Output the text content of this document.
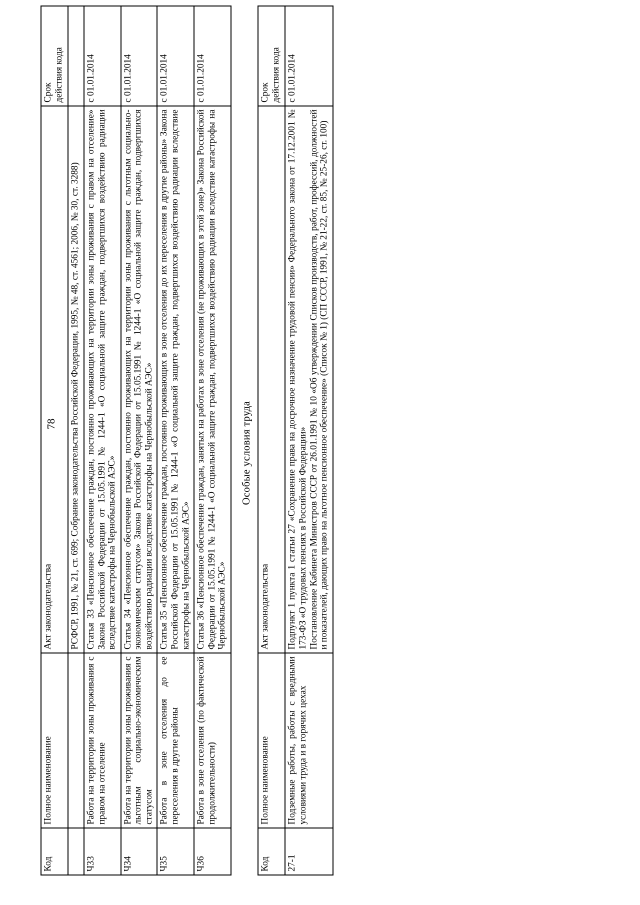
78
Код	Полное наименование	Акт законодательства	Срок действия кода

		РСФСР, 1991, № 21, ст. 699; Собрание законодательства Российской Федерации, 1995, № 48, ст. 4561; 2006, № 30, ст. 3288)	
Ч33	Работа на территории зоны проживания с правом на отселение	Статья 33 «Пенсионное обеспечение граждан, постоянно проживающих на территории зоны проживания с правом на отселение» Закона Российской Федерации от 15.05.1991 № 1244-1 «О социальной защите граждан, подвергшихся воздействию радиации вследствие катастрофы на Чернобыльской АЭС»	с 01.01.2014
Ч34	Работа на территории зоны проживания с льготным социально-экономическим статусом	Статья 34 «Пенсионное обеспечение граждан, постоянно проживающих на территории зоны проживания с льготным социально-экономическим статусом» Закона Российской Федерации от 15.05.1991 № 1244-1 «О социальной защите граждан, подвергшихся воздействию радиации вследствие катастрофы на Чернобыльской АЭС»	с 01.01.2014
Ч35	Работа в зоне отселения до ее переселения в другие районы	Статья 35 «Пенсионное обеспечение граждан, постоянно проживающих в зоне отселения до их переселения в другие районы» Закона Российской Федерации от 15.05.1991 № 1244-1 «О социальной защите граждан, подвергшихся воздействию радиации вследствие катастрофы на Чернобыльской АЭС»	с 01.01.2014
Ч36	Работа в зоне отселения (по фактической продолжительности)	Статья 36 «Пенсионное обеспечение граждан, занятых на работах в зоне отселения (не проживающих в этой зоне)» Закона Российской Федерации от 15.05.1991 № 1244-1 «О социальной защите граждан, подвергшихся воздействию радиации вследствие катастрофы на Чернобыльской АЭС»	с 01.01.2014
Особые условия труда
Код	Полное наименование	Акт законодательства	Срок действия кода

27-1	Подземные работы, работы с вредными условиями труда и в горячих цехах	Подпункт 1 пункта 1 статьи 27 «Сохранение права на досрочное назначение трудовой пенсии» Федерального закона от 17.12.2001 № 173-ФЗ «О трудовых пенсиях в Российской Федерации» Постановление Кабинета Министров СССР от 26.01.1991 № 10 «Об утверждении Списков производств, работ, профессий, должностей и показателей, дающих право на льготное пенсионное обеспечение» (Список № 1) (СП СССР, 1991, № 21-22, ст. 85, № 25-26, ст. 100)	с 01.01.2014
